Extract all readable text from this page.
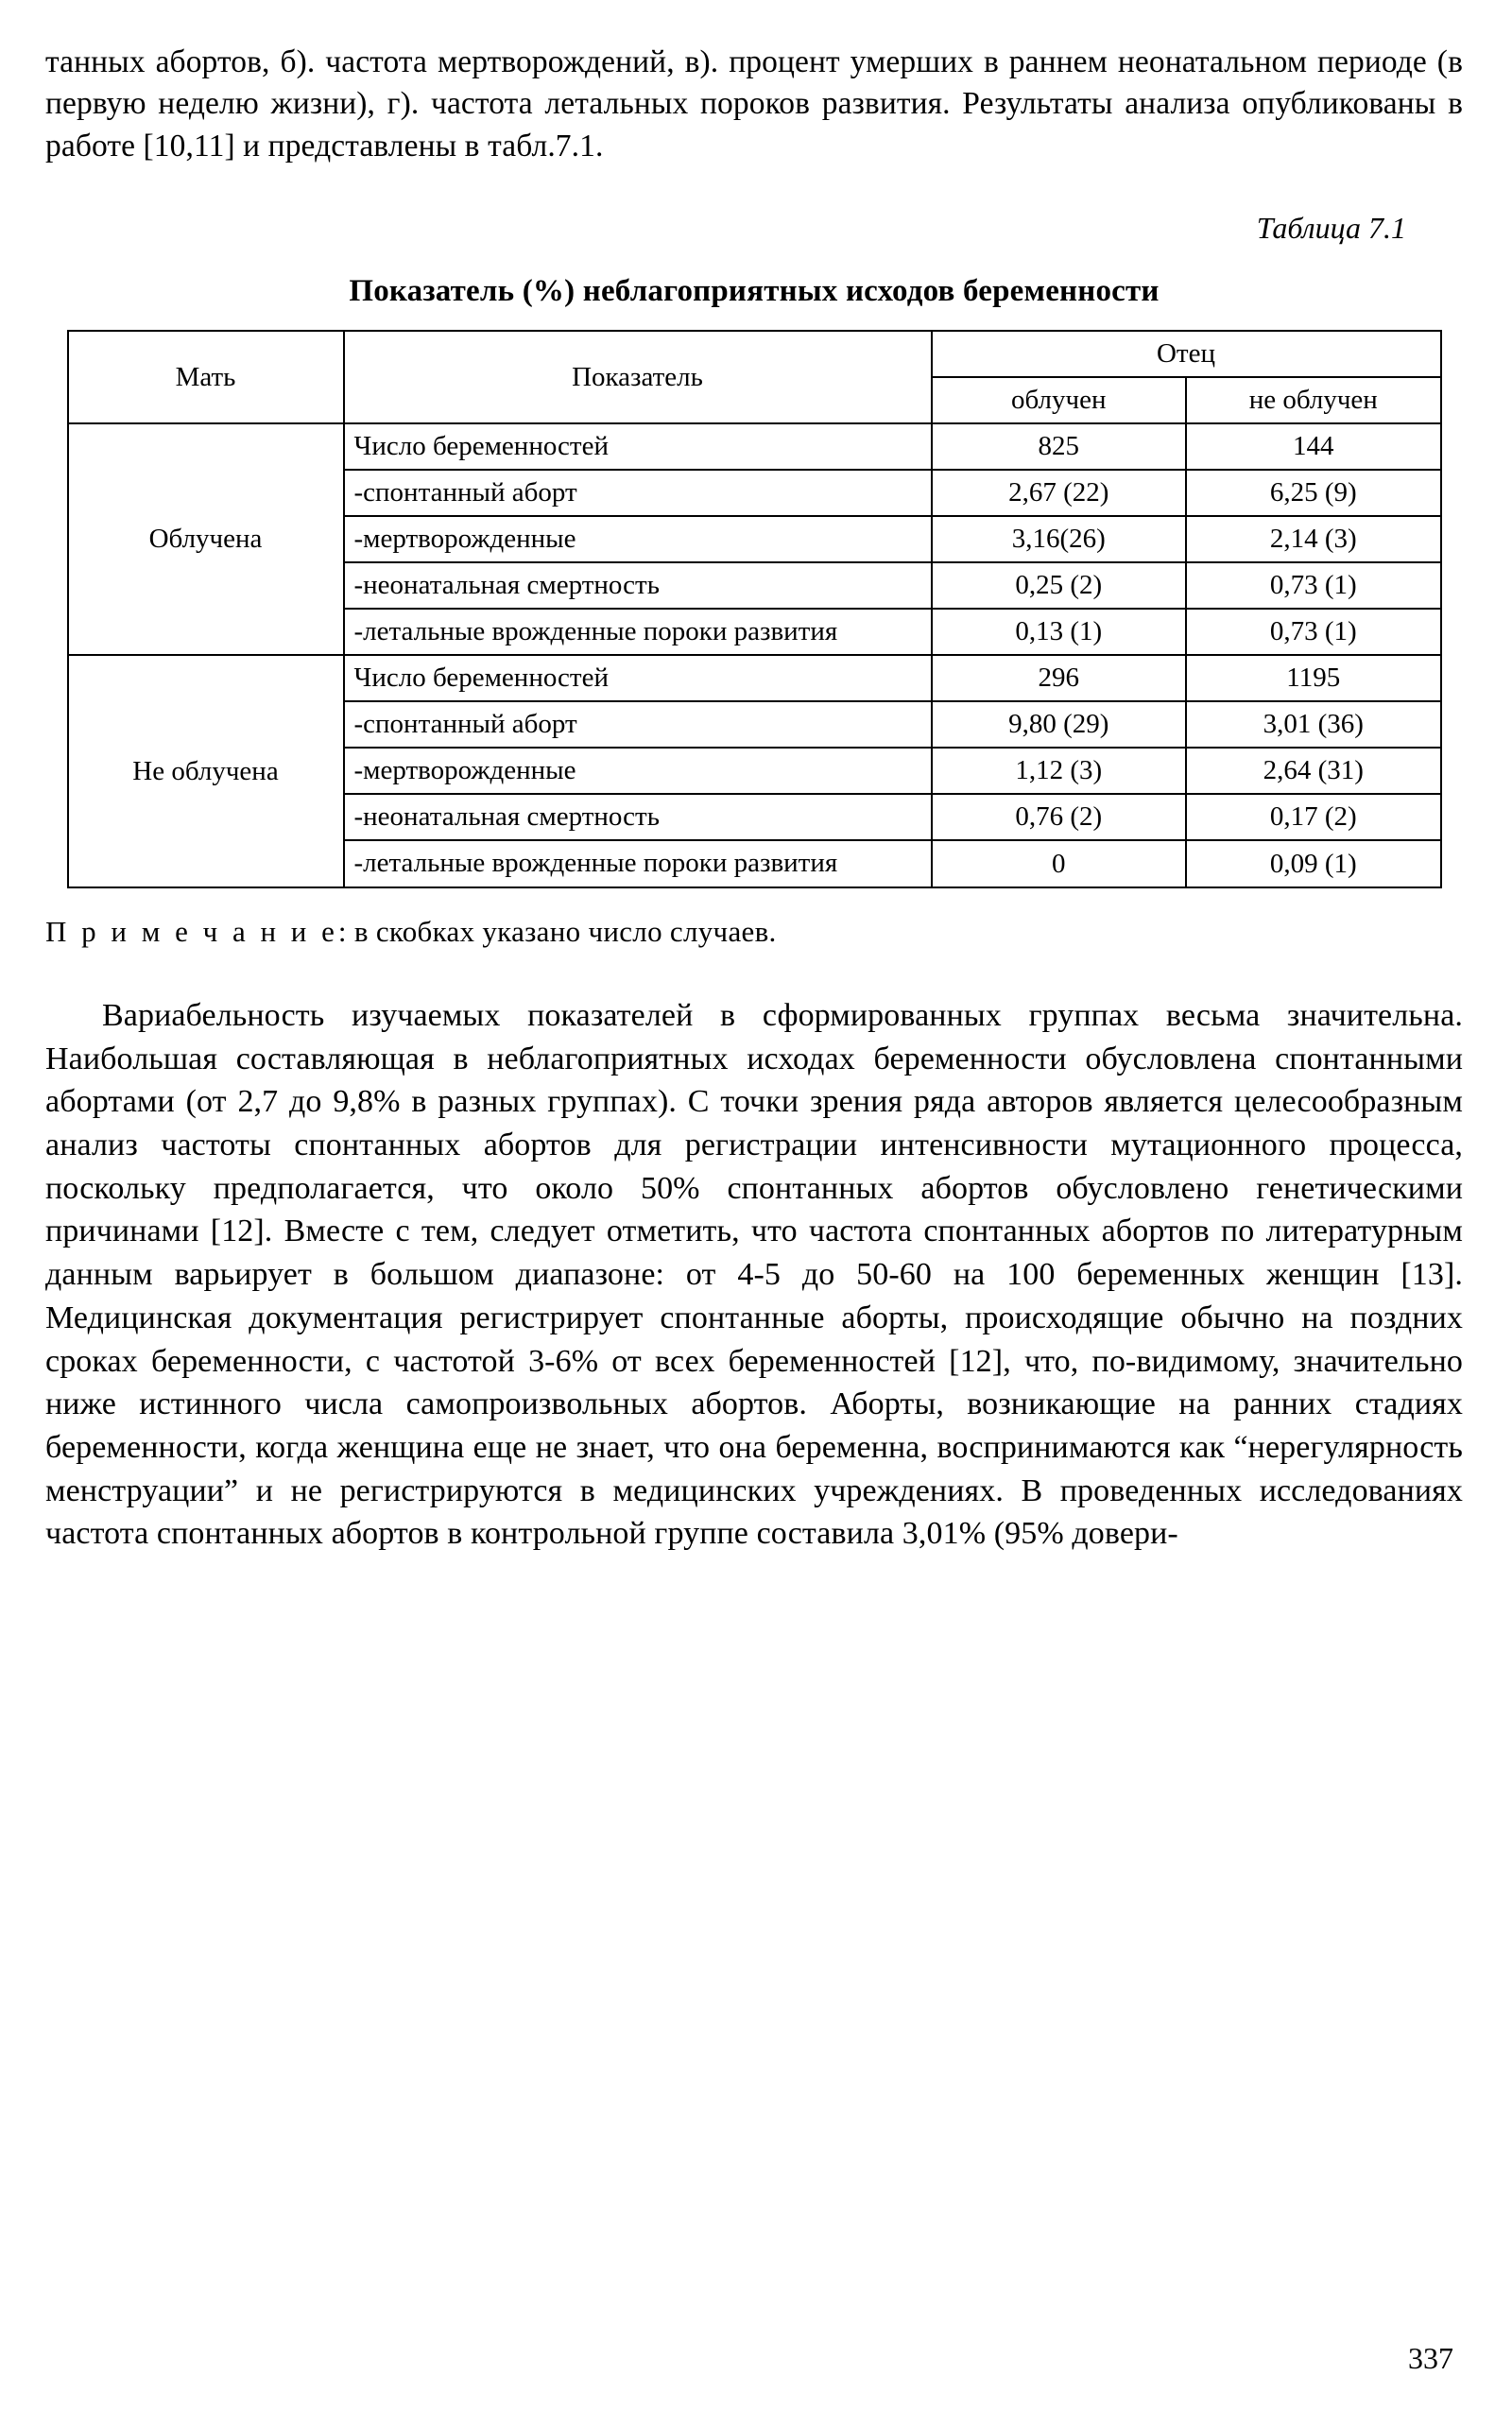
танных абортов, б). частота мертворождений, в). процент умерших в раннем неонатальном периоде (в первую неделю жизни), г). частота летальных пороков развития. Результаты анализа опубликованы в работе [10,11] и представлены в табл.7.1.

Таблица 7.1
Показатель (%) неблагоприятных исходов беременности
Мать	Показатель	Отец	
		облучен	не облучен
Облучена	Число беременностей	825	144
	-спонтанный аборт	2,67 (22)	6,25 (9)
	-мертворожденные	3,16(26)	2,14 (3)
	-неонатальная смертность	0,25 (2)	0,73 (1)
	-летальные врожденные пороки развития	0,13 (1)	0,73 (1)
Не облучена	Число беременностей	296	1195
	-спонтанный аборт	9,80 (29)	3,01 (36)
	-мертворожденные	1,12 (3)	2,64 (31)
	-неонатальная смертность	0,76 (2)	0,17 (2)
	-летальные врожденные пороки развития	0	0,09 (1)
П р и м е ч а н и е: в скобках указано число случаев.

Вариабельность изучаемых показателей в сформированных группах весьма значительна. Наибольшая составляющая в неблагоприятных исходах беременности обусловлена спонтанными абортами (от 2,7 до 9,8% в разных группах). С точки зрения ряда авторов является целесообразным анализ частоты спонтанных абортов для регистрации интенсивности мутационного процесса, поскольку предполагается, что около 50% спонтанных абортов обусловлено генетическими причинами [12]. Вместе с тем, следует отметить, что частота спонтанных абортов по литературным данным варьирует в большом диапазоне: от 4-5 до 50-60 на 100 беременных женщин [13]. Медицинская документация регистрирует спонтанные аборты, происходящие обычно на поздних сроках беременности, с частотой 3-6% от всех беременностей [12], что, по-видимому, значительно ниже истинного числа самопроизвольных абортов. Аборты, возникающие на ранних стадиях беременности, когда женщина еще не знает, что она беременна, воспринимаются как “нерегулярность менструации” и не регистрируются в медицинских учреждениях. В проведенных исследованиях частота спонтанных абортов в контрольной группе составила 3,01% (95% довери-

337
